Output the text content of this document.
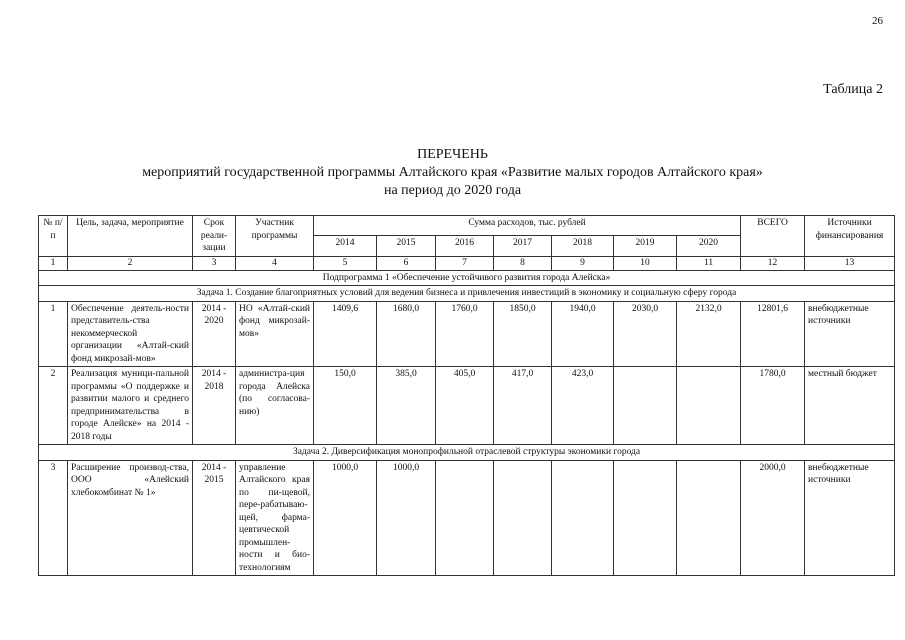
26
Таблица 2
ПЕРЕЧЕНЬ
мероприятий государственной программы Алтайского края «Развитие малых городов Алтайского края»
на период до 2020 года
№ п/п	Цель, задача, мероприятие	Срок реали-зации	Участник программы	Сумма расходов, тыс. рублей							ВСЕГО	Источники финансирования
				2014	2015	2016	2017	2018	2019	2020		
1	2	3	4	5	6	7	8	9	10	11	12	13
Подпрограмма 1 «Обеспечение устойчивого развития города Алейска»												
Задача 1. Создание благоприятных условий для ведения бизнеса и привлечения инвестиций в экономику и социальную сферу города												
1	Обеспечение деятель-ности представитель-ства некоммерческой организации «Алтай-ский фонд микрозай-мов»	2014 - 2020	НО «Алтай-ский фонд микрозай-мов»	1409,6	1680,0	1760,0	1850,0	1940,0	2030,0	2132,0	12801,6	внебюджетные источники
2	Реализация муници-пальной программы «О поддержке и развитии малого и среднего предпринимательства в городе Алейске» на 2014 - 2018 годы	2014 - 2018	администра-ция города Алейска (по согласова-нию)	150,0	385,0	405,0	417,0	423,0			1780,0	местный бюджет
Задача 2. Диверсификация монопрофильной отраслевой структуры экономики города												
3	Расширение производ-ства, ООО «Алейский хлебокомбинат № 1»	2014 - 2015	управление Алтайского края по пи-щевой, пере-рабатываю-щей, фарма-цевтической промышлен-ности и био-технологиям	1000,0	1000,0						2000,0	внебюджетные источники
